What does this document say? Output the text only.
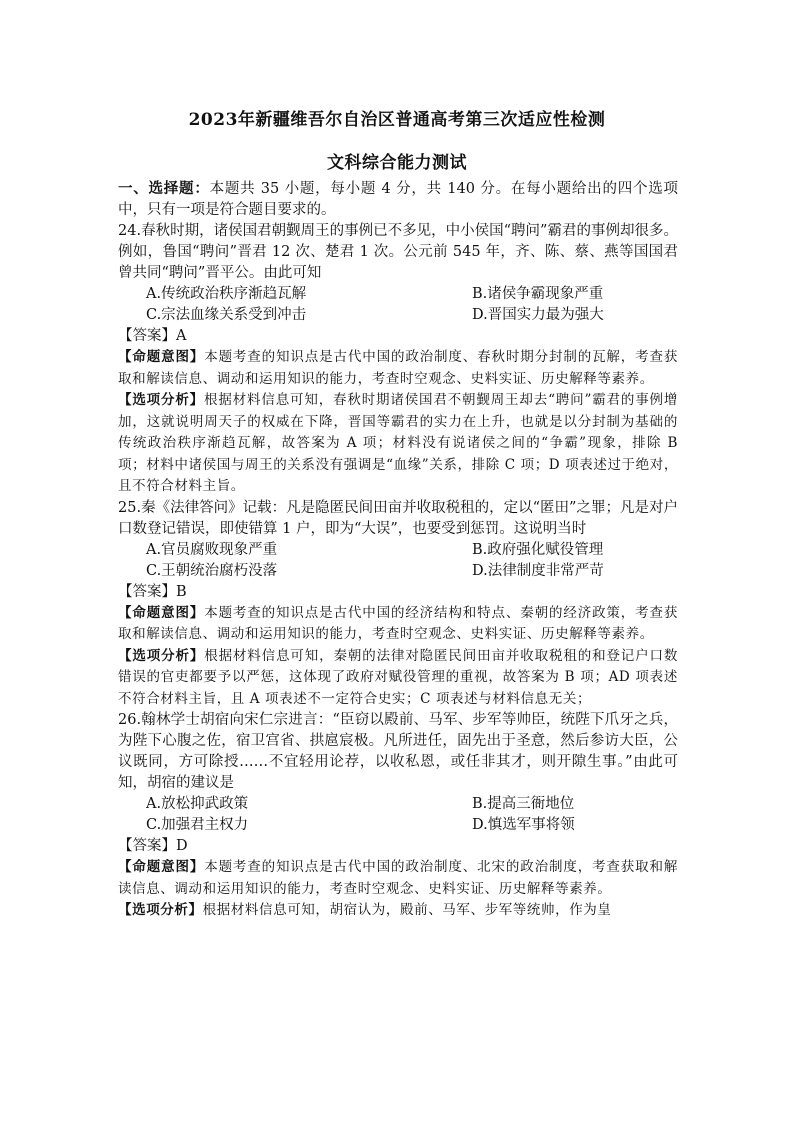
2023年新疆维吾尔自治区普通高考第三次适应性检测
文科综合能力测试

一、选择题：本题共 35 小题，每小题 4 分，共 140 分。在每小题给出的四个选项中，只有一项是符合题目要求的。

24.春秋时期，诸侯国君朝觐周王的事例已不多见，中小侯国“聘问”霸君的事例却很多。例如，鲁国“聘问”晋君 12 次、楚君 1 次。公元前 545 年，齐、陈、蔡、燕等国国君曾共同“聘问”晋平公。由此可知

A.传统政治秩序渐趋瓦解	B.诸侯争霸现象严重
C.宗法血缘关系受到冲击	D.晋国实力最为强大

【答案】A

【命题意图】本题考查的知识点是古代中国的政治制度、春秋时期分封制的瓦解，考查获取和解读信息、调动和运用知识的能力，考查时空观念、史料实证、历史解释等素养。

【选项分析】根据材料信息可知，春秋时期诸侯国君不朝觐周王却去“聘问”霸君的事例增加，这就说明周天子的权威在下降，晋国等霸君的实力在上升，也就是以分封制为基础的传统政治秩序渐趋瓦解，故答案为 A 项；材料没有说诸侯之间的“争霸”现象，排除 B 项；材料中诸侯国与周王的关系没有强调是“血缘”关系，排除 C 项；D 项表述过于绝对，且不符合材料主旨。

25.秦《法律答问》记载：凡是隐匿民间田亩并收取税租的，定以“匿田”之罪；凡是对户口数登记错误，即使错算 1 户，即为“大误”，也要受到惩罚。这说明当时

A.官员腐败现象严重	B.政府强化赋役管理
C.王朝统治腐朽没落	D.法律制度非常严苛

【答案】B

【命题意图】本题考查的知识点是古代中国的经济结构和特点、秦朝的经济政策，考查获取和解读信息、调动和运用知识的能力，考查时空观念、史料实证、历史解释等素养。

【选项分析】根据材料信息可知，秦朝的法律对隐匿民间田亩并收取税租的和登记户口数错误的官吏都要予以严惩，这体现了政府对赋役管理的重视，故答案为 B 项；AD 项表述不符合材料主旨，且 A 项表述不一定符合史实；C 项表述与材料信息无关；

26.翰林学士胡宿向宋仁宗进言：“臣窃以殿前、马军、步军等帅臣，统陛下爪牙之兵，为陛下心腹之佐，宿卫宫省、拱扈宸极。凡所进任，固先出于圣意，然后参访大臣，公议既同，方可除授……不宜轻用论荐，以收私恩，或任非其才，则开隙生事。”由此可知，胡宿的建议是

A.放松抑武政策	B.提高三衙地位
C.加强君主权力	D.慎选军事将领

【答案】D

【命题意图】本题考查的知识点是古代中国的政治制度、北宋的政治制度，考查获取和解读信息、调动和运用知识的能力，考查时空观念、史料实证、历史解释等素养。

【选项分析】根据材料信息可知，胡宿认为，殿前、马军、步军等统帅，作为皇
